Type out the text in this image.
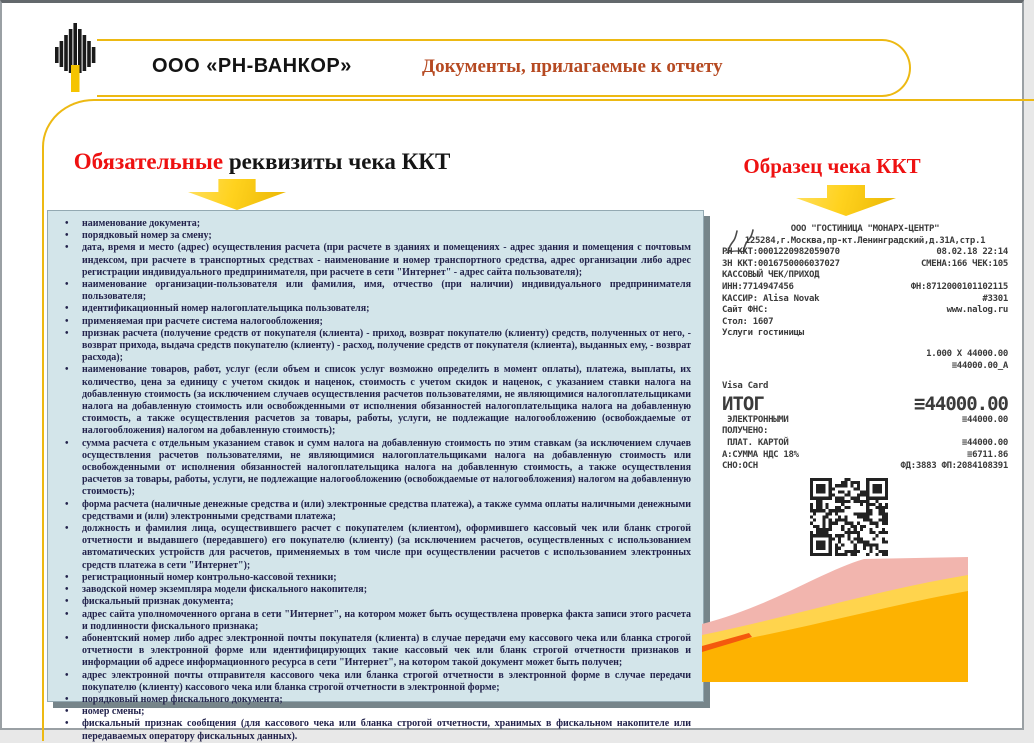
ООО «РН-ВАНКОР»	Документы, прилагаемые к отчету
Обязательные реквизиты чека ККТ
• наименование документа;
• порядковый номер за смену;
• дата, время и место (адрес) осуществления расчета (при расчете в зданиях и помещениях - адрес здания и помещения с почтовым индексом, при расчете в транспортных средствах - наименование и номер транспортного средства, адрес организации либо адрес регистрации индивидуального предпринимателя, при расчете в сети "Интернет" - адрес сайта пользователя);
• наименование организации-пользователя или фамилия, имя, отчество (при наличии) индивидуального предпринимателя пользователя;
• идентификационный номер налогоплательщика пользователя;
• применяемая при расчете система налогообложения;
• признак расчета (получение средств от покупателя (клиента) - приход, возврат покупателю (клиенту) средств, полученных от него, - возврат прихода, выдача средств покупателю (клиенту) - расход, получение средств от покупателя (клиента), выданных ему, - возврат расхода);
• наименование товаров, работ, услуг (если объем и список услуг возможно определить в момент оплаты), платежа, выплаты, их количество, цена за единицу с учетом скидок и наценок, стоимость с учетом скидок и наценок, с указанием ставки налога на добавленную стоимость (за исключением случаев осуществления расчетов пользователями, не являющимися налогоплательщиками налога на добавленную стоимость или освобожденными от исполнения обязанностей налогоплательщика налога на добавленную стоимость, а также осуществления расчетов за товары, работы, услуги, не подлежащие налогообложению (освобождаемые от налогообложения) налогом на добавленную стоимость);
• сумма расчета с отдельным указанием ставок и сумм налога на добавленную стоимость по этим ставкам (за исключением случаев осуществления расчетов пользователями, не являющимися налогоплательщиками налога на добавленную стоимость или освобожденными от исполнения обязанностей налогоплательщика налога на добавленную стоимость, а также осуществления расчетов за товары, работы, услуги, не подлежащие налогообложению (освобождаемые от налогообложения) налогом на добавленную стоимость);
• форма расчета (наличные денежные средства и (или) электронные средства платежа), а также сумма оплаты наличными денежными средствами и (или) электронными средствами платежа;
• должность и фамилия лица, осуществившего расчет с покупателем (клиентом), оформившего кассовый чек или бланк строгой отчетности и выдавшего (передавшего) его покупателю (клиенту) (за исключением расчетов, осуществленных с использованием автоматических устройств для расчетов, применяемых в том числе при осуществлении расчетов с использованием электронных средств платежа в сети "Интернет");
• регистрационный номер контрольно-кассовой техники;
• заводской номер экземпляра модели фискального накопителя;
• фискальный признак документа;
• адрес сайта уполномоченного органа в сети "Интернет", на котором может быть осуществлена проверка факта записи этого расчета и подлинности фискального признака;
• абонентский номер либо адрес электронной почты покупателя (клиента) в случае передачи ему кассового чека или бланка строгой отчетности в электронной форме или идентифицирующих такие кассовый чек или бланк строгой отчетности признаков и информации об адресе информационного ресурса в сети "Интернет", на котором такой документ может быть получен;
• адрес электронной почты отправителя кассового чека или бланка строгой отчетности в электронной форме в случае передачи покупателю (клиенту) кассового чека или бланка строгой отчетности в электронной форме;
• порядковый номер фискального документа;
• номер смены;
• фискальный признак сообщения (для кассового чека или бланка строгой отчетности, хранимых в фискальном накопителе или передаваемых оператору фискальных данных).
Образец чека ККТ
ООО "ГОСТИНИЦА "МОНАРХ-ЦЕНТР"
125284,г.Москва,пр-кт.Ленинградский,д.31А,стр.1
РН ККТ:0001220982059070	08.02.18 22:14
ЗН ККТ:0016750006037027	СМЕНА:166 ЧЕК:105
КАССОВЫЙ ЧЕК/ПРИХОД
ИНН:7714947456	ФН:8712000101102115
КАССИР: Alisa Novak	#3301
Сайт ФНС:	www.nalog.ru
Стол: 1607
Услуги гостиницы
1.000 X 44000.00
≡44000.00_А
Visa Card
ИТОГ	≡44000.00
ЭЛЕКТРОННЫМИ	≡44000.00
ПОЛУЧЕНО:
ПЛАТ. КАРТОЙ	≡44000.00
А:СУММА НДС 18%	≡6711.86
СНО:ОСН	ФД:3883 ФП:2084108391
